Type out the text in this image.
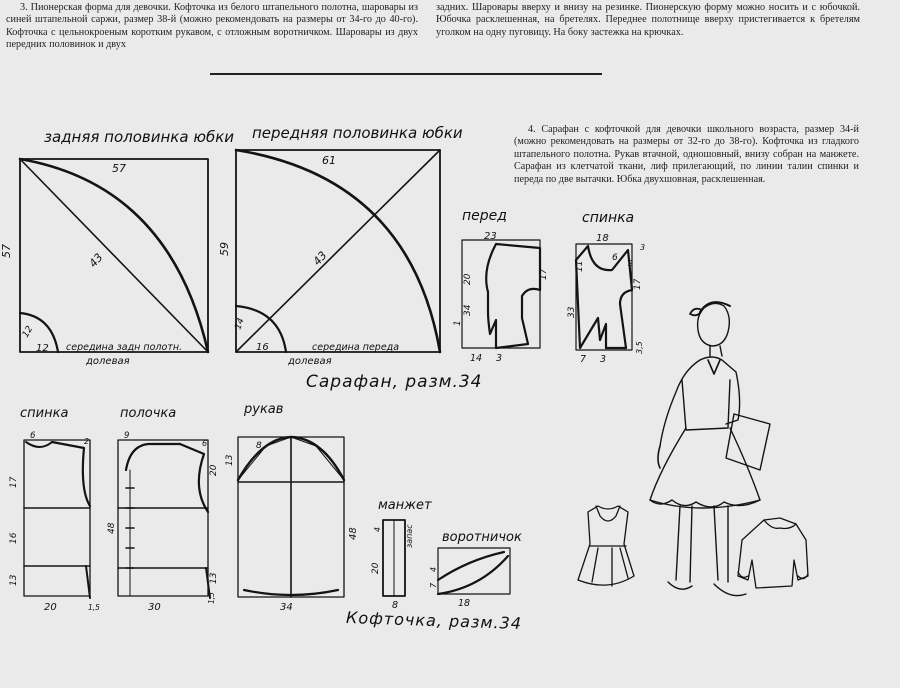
3. Пионерская форма для девочки. Кофточка из белого штапельного полотна, шаровары из синей штапельной саржи, размер 38-й (можно рекомендовать на размеры от 34-го до 40-го). Кофточка с цельнокроеным коротким рукавом, с отложным воротничком. Шаровары из двух передних половинок и двух

задних. Шаровары вверху и внизу на резинке. Пионерскую форму можно носить и с юбочкой. Юбочка расклешенная, на бретелях. Переднее полотнище вверху пристегивается к бретелям уголком на одну пуговицу. На боку застежка на крючках.

4. Сарафан с кофточкой для девочки школьного возраста, размер 34-й (можно рекомендовать на размеры от 32-го до 38-го). Кофточка из гладкого штапельного полотна. Рукав втачной, одношовный, внизу собран на манжете. Сарафан из клетчатой ткани, лиф прилегающий, по линии талии спинки и переда по две вытачки. Юбка двухшовная, расклешенная.

задняя половинка юбки передняя половинка юбки
перед	спинка
Сарафан, разм.34
спинка	полочка	рукав
манжет
воротничок
Кофточка, разм.34
57
57	43
12
12 середина задн полотн.
долевая
61
59	43
14
16	середина переда
долевая
23
20
34
1
17
14 3
18
11
6
2
3
17
33
7 3
3,5
6
2
17
16
13
20	1,5
9
6
20
48
13
30
1,5
8
13
48
34
4	запас
20
8
4
7
18
